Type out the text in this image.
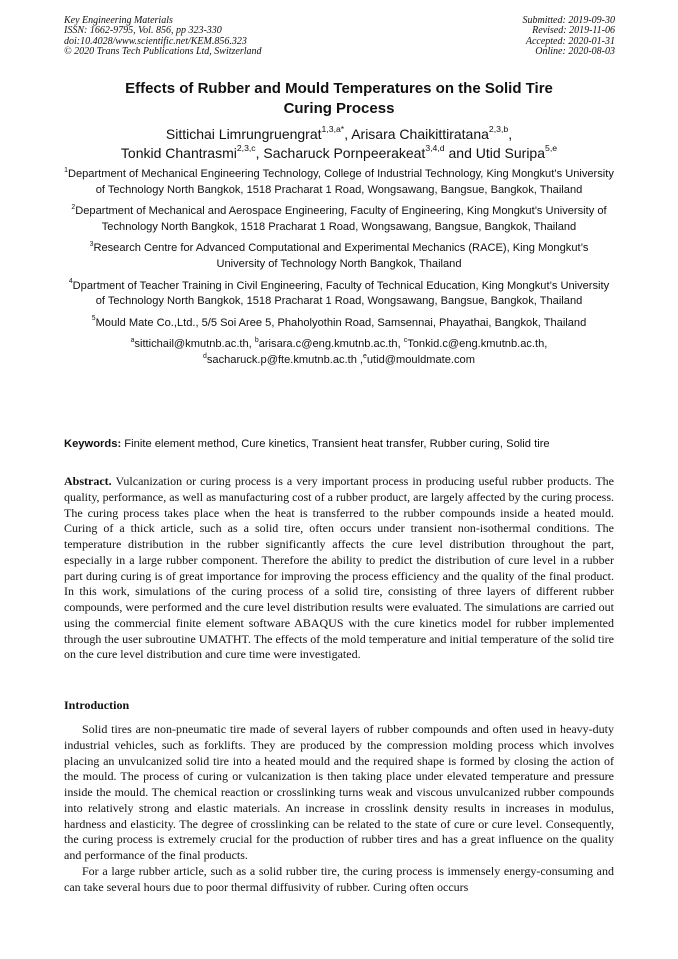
Key Engineering Materials
ISSN: 1662-9795, Vol. 856, pp 323-330
doi:10.4028/www.scientific.net/KEM.856.323
© 2020 Trans Tech Publications Ltd, Switzerland
Submitted: 2019-09-30
Revised: 2019-11-06
Accepted: 2020-01-31
Online: 2020-08-03
Effects of Rubber and Mould Temperatures on the Solid Tire
Curing Process
Sittichai Limrungruengrat$^{1,3,a*}$, Arisara Chaikittiratana$^{2,3,b}$,
Tonkid Chantrasmi$^{2,3,c}$, Sacharuck Pornpeerakeat$^{3,4,d}$ and Utid Suripa$^{5,e}$
$^1$Department of Mechanical Engineering Technology, College of Industrial Technology, King Mongkut’s University of Technology North Bangkok, 1518 Pracharat 1 Road, Wongsawang, Bangsue, Bangkok, Thailand
$^2$Department of Mechanical and Aerospace Engineering, Faculty of Engineering, King Mongkut’s University of Technology North Bangkok, 1518 Pracharat 1 Road, Wongsawang, Bangsue, Bangkok, Thailand
$^3$Research Centre for Advanced Computational and Experimental Mechanics (RACE), King Mongkut’s University of Technology North Bangkok, Thailand
$^4$Dpartment of Teacher Training in Civil Engineering, Faculty of Technical Education, King Mongkut’s University of Technology North Bangkok, 1518 Pracharat 1 Road, Wongsawang, Bangsue, Bangkok, Thailand
$^5$Mould Mate Co.,Ltd., 5/5 Soi Aree 5, Phaholyothin Road, Samsennai, Phayathai, Bangkok, Thailand
$^a$sittichail@kmutnb.ac.th, $^b$arisara.c@eng.kmutnb.ac.th, $^c$Tonkid.c@eng.kmutnb.ac.th,
$^d$sacharuck.p@fte.kmutnb.ac.th ,$^e$utid@mouldmate.com
Keywords: Finite element method, Cure kinetics, Transient heat transfer, Rubber curing, Solid tire
Abstract. Vulcanization or curing process is a very important process in producing useful rubber products. The quality, performance, as well as manufacturing cost of a rubber product, are largely affected by the curing process. The curing process takes place when the heat is transferred to the rubber compounds inside a heated mould. Curing of a thick article, such as a solid tire, often occurs under transient non-isothermal conditions. The temperature distribution in the rubber significantly affects the cure level distribution throughout the part, especially in a large rubber component. Therefore the ability to predict the distribution of cure level in a rubber part during curing is of great importance for improving the process efficiency and the quality of the final product. In this work, simulations of the curing process of a solid tire, consisting of three layers of different rubber compounds, were performed and the cure level distribution results were evaluated. The simulations are carried out using the commercial finite element software ABAQUS with the cure kinetics model for rubber implemented through the user subroutine UMATHT. The effects of the mold temperature and initial temperature of the solid tire on the cure level distribution and cure time were investigated.
Introduction

Solid tires are non-pneumatic tire made of several layers of rubber compounds and often used in heavy-duty industrial vehicles, such as forklifts. They are produced by the compression molding process which involves placing an unvulcanized solid tire into a heated mould and the required shape is formed by closing the action of the mould. The process of curing or vulcanization is then taking place under elevated temperature and pressure inside the mould. The chemical reaction or crosslinking turns weak and viscous unvulcanized rubber compounds into relatively strong and elastic materials. An increase in crosslink density results in increases in modulus, hardness and elasticity. The degree of crosslinking can be related to the state of cure or cure level. Consequently, the curing process is extremely crucial for the production of rubber tires and has a great influence on the quality and performance of the final products.

For a large rubber article, such as a solid rubber tire, the curing process is immensely energy-consuming and can take several hours due to poor thermal diffusivity of rubber. Curing often occurs
